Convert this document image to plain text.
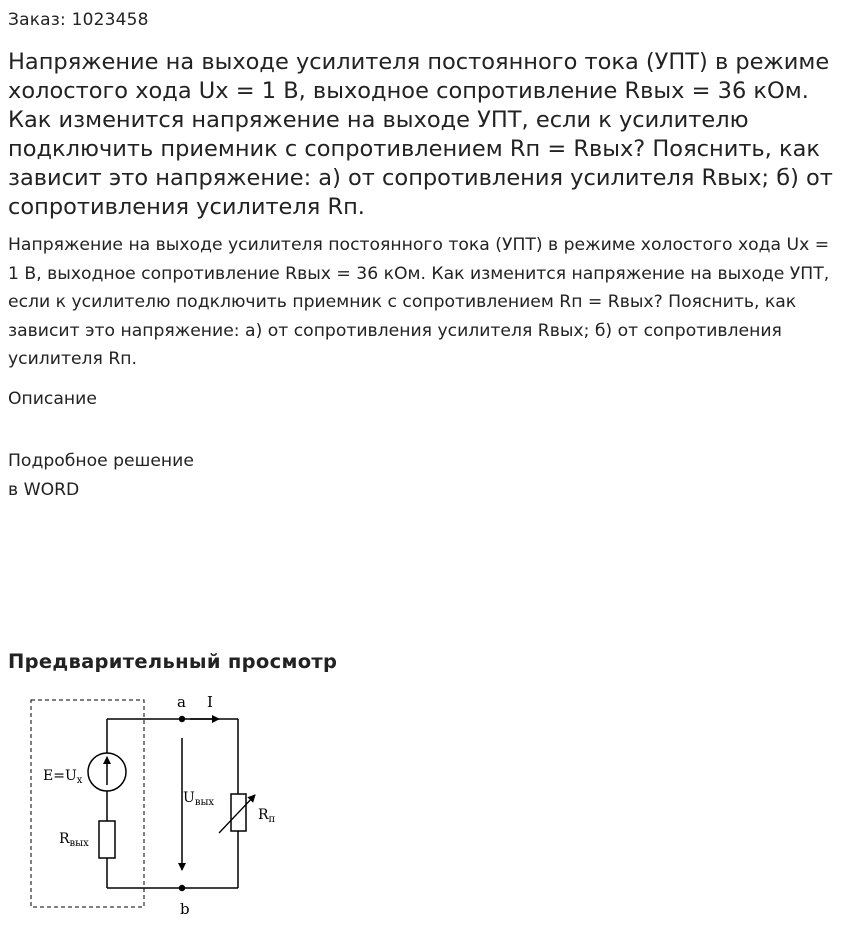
Заказ: 1023458
Напряжение на выходе усилителя постоянного тока (УПТ) в режиме холостого хода Uх = 1 В, выходное сопротивление Rвых = 36 кОм. Как изменится напряжение на выходе УПТ, если к усилителю подключить приемник с сопротивлением Rп = Rвых? Пояснить, как зависит это напряжение: а) от сопротивления усилителя Rвых; б) от сопротивления усилителя Rп.
Напряжение на выходе усилителя постоянного тока (УПТ) в режиме холостого хода Uх = 1 В, выходное сопротивление Rвых = 36 кОм. Как изменится напряжение на выходе УПТ, если к усилителю подключить приемник с сопротивлением Rп = Rвых? Пояснить, как зависит это напряжение: а) от сопротивления усилителя Rвых; б) от сопротивления усилителя Rп.
Описание
Подробное решение
в WORD
Предварительный просмотр
a
b
I
$E=U_x$
$R_{вых}$
$U_{вых}$
$R_п$
